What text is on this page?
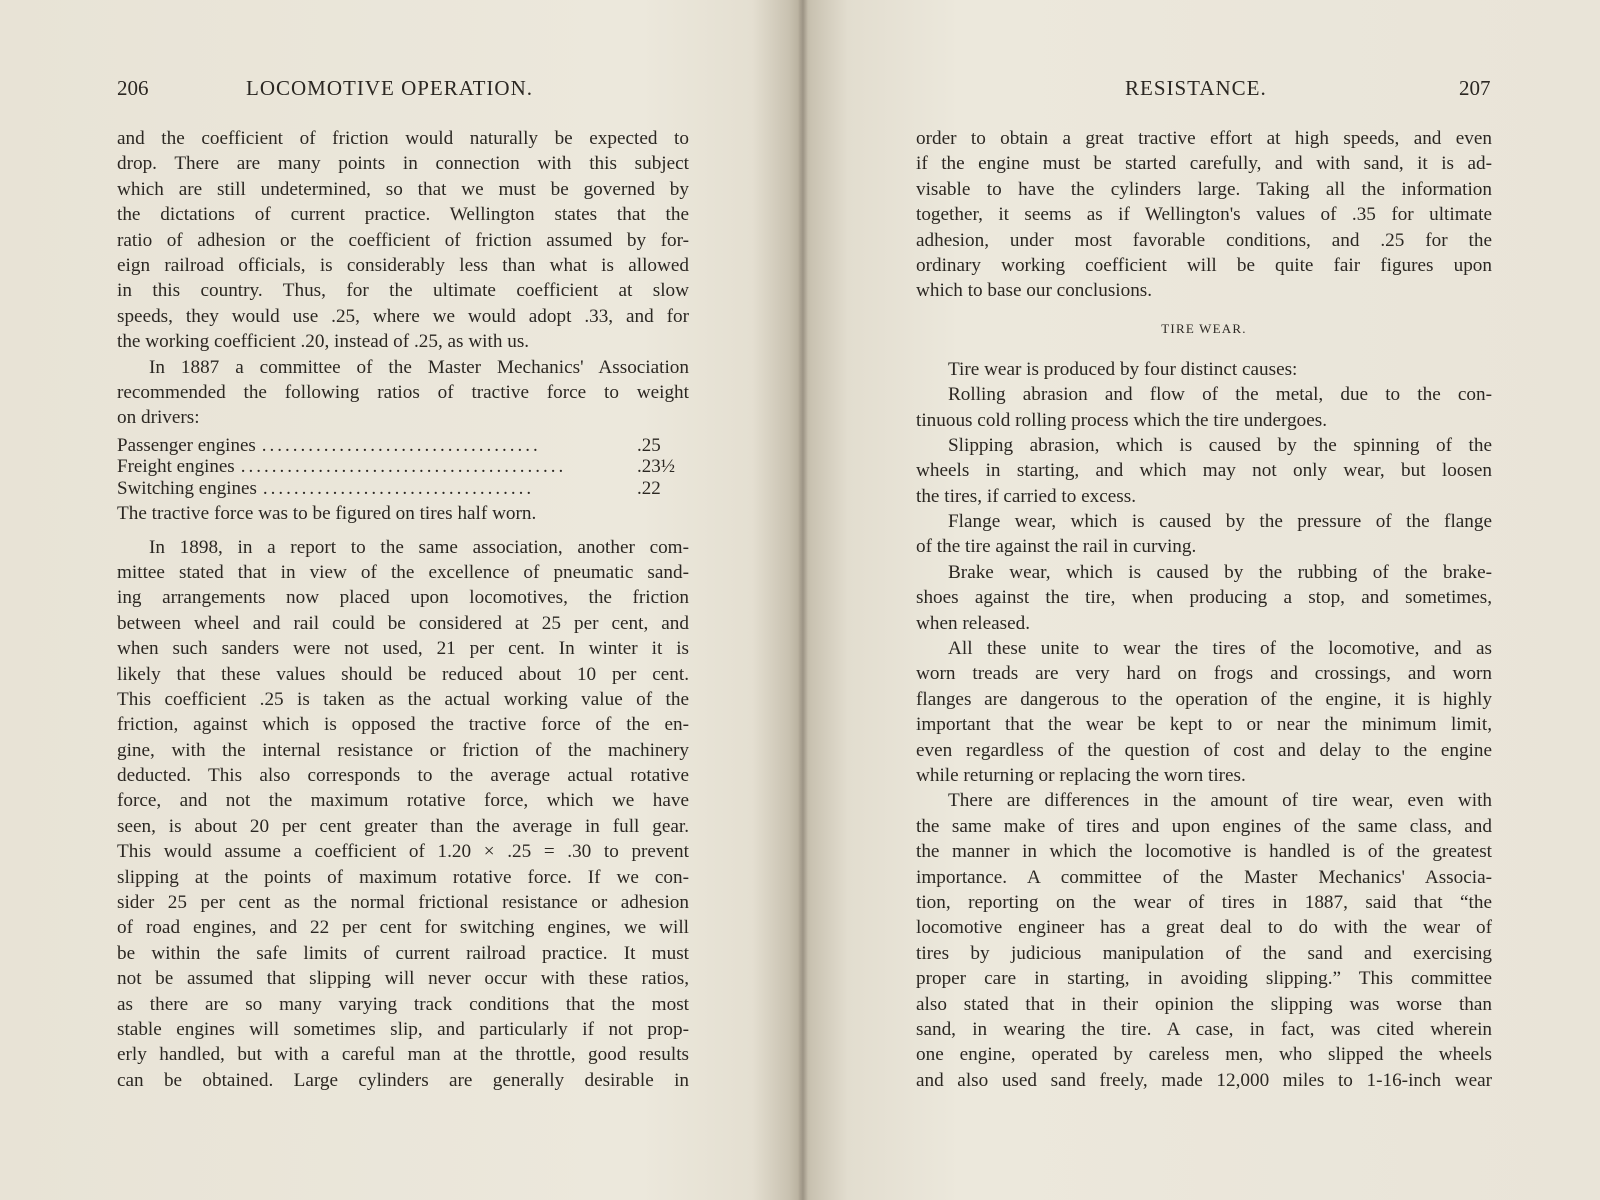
206	LOCOMOTIVE OPERATION.
and the coefficient of friction would naturally be expected to
drop. There are many points in connection with this subject
which are still undetermined, so that we must be governed by
the dictations of current practice. Wellington states that the
ratio of adhesion or the coefficient of friction assumed by for-
eign railroad officials, is considerably less than what is allowed
in this country. Thus, for the ultimate coefficient at slow
speeds, they would use .25, where we would adopt .33, and for
the working coefficient .20, instead of .25, as with us.
In 1887 a committee of the Master Mechanics' Association
recommended the following ratios of tractive force to weight
on drivers:
Passenger engines ....................................	.25
Freight engines ..........................................	.23½
Switching engines ...................................	.22
The tractive force was to be figured on tires half worn.
In 1898, in a report to the same association, another com-
mittee stated that in view of the excellence of pneumatic sand-
ing arrangements now placed upon locomotives, the friction
between wheel and rail could be considered at 25 per cent, and
when such sanders were not used, 21 per cent. In winter it is
likely that these values should be reduced about 10 per cent.
This coefficient .25 is taken as the actual working value of the
friction, against which is opposed the tractive force of the en-
gine, with the internal resistance or friction of the machinery
deducted. This also corresponds to the average actual rotative
force, and not the maximum rotative force, which we have
seen, is about 20 per cent greater than the average in full gear.
This would assume a coefficient of 1.20 × .25 = .30 to prevent
slipping at the points of maximum rotative force. If we con-
sider 25 per cent as the normal frictional resistance or adhesion
of road engines, and 22 per cent for switching engines, we will
be within the safe limits of current railroad practice. It must
not be assumed that slipping will never occur with these ratios,
as there are so many varying track conditions that the most
stable engines will sometimes slip, and particularly if not prop-
erly handled, but with a careful man at the throttle, good results
can be obtained. Large cylinders are generally desirable in
RESISTANCE.	207
order to obtain a great tractive effort at high speeds, and even
if the engine must be started carefully, and with sand, it is ad-
visable to have the cylinders large. Taking all the information
together, it seems as if Wellington's values of .35 for ultimate
adhesion, under most favorable conditions, and .25 for the
ordinary working coefficient will be quite fair figures upon
which to base our conclusions.
TIRE WEAR.
Tire wear is produced by four distinct causes:
Rolling abrasion and flow of the metal, due to the con-
tinuous cold rolling process which the tire undergoes.
Slipping abrasion, which is caused by the spinning of the
wheels in starting, and which may not only wear, but loosen
the tires, if carried to excess.
Flange wear, which is caused by the pressure of the flange
of the tire against the rail in curving.
Brake wear, which is caused by the rubbing of the brake-
shoes against the tire, when producing a stop, and sometimes,
when released.
All these unite to wear the tires of the locomotive, and as
worn treads are very hard on frogs and crossings, and worn
flanges are dangerous to the operation of the engine, it is highly
important that the wear be kept to or near the minimum limit,
even regardless of the question of cost and delay to the engine
while returning or replacing the worn tires.
There are differences in the amount of tire wear, even with
the same make of tires and upon engines of the same class, and
the manner in which the locomotive is handled is of the greatest
importance. A committee of the Master Mechanics' Associa-
tion, reporting on the wear of tires in 1887, said that “the
locomotive engineer has a great deal to do with the wear of
tires by judicious manipulation of the sand and exercising
proper care in starting, in avoiding slipping.” This committee
also stated that in their opinion the slipping was worse than
sand, in wearing the tire. A case, in fact, was cited wherein
one engine, operated by careless men, who slipped the wheels
and also used sand freely, made 12,000 miles to 1-16-inch wear
